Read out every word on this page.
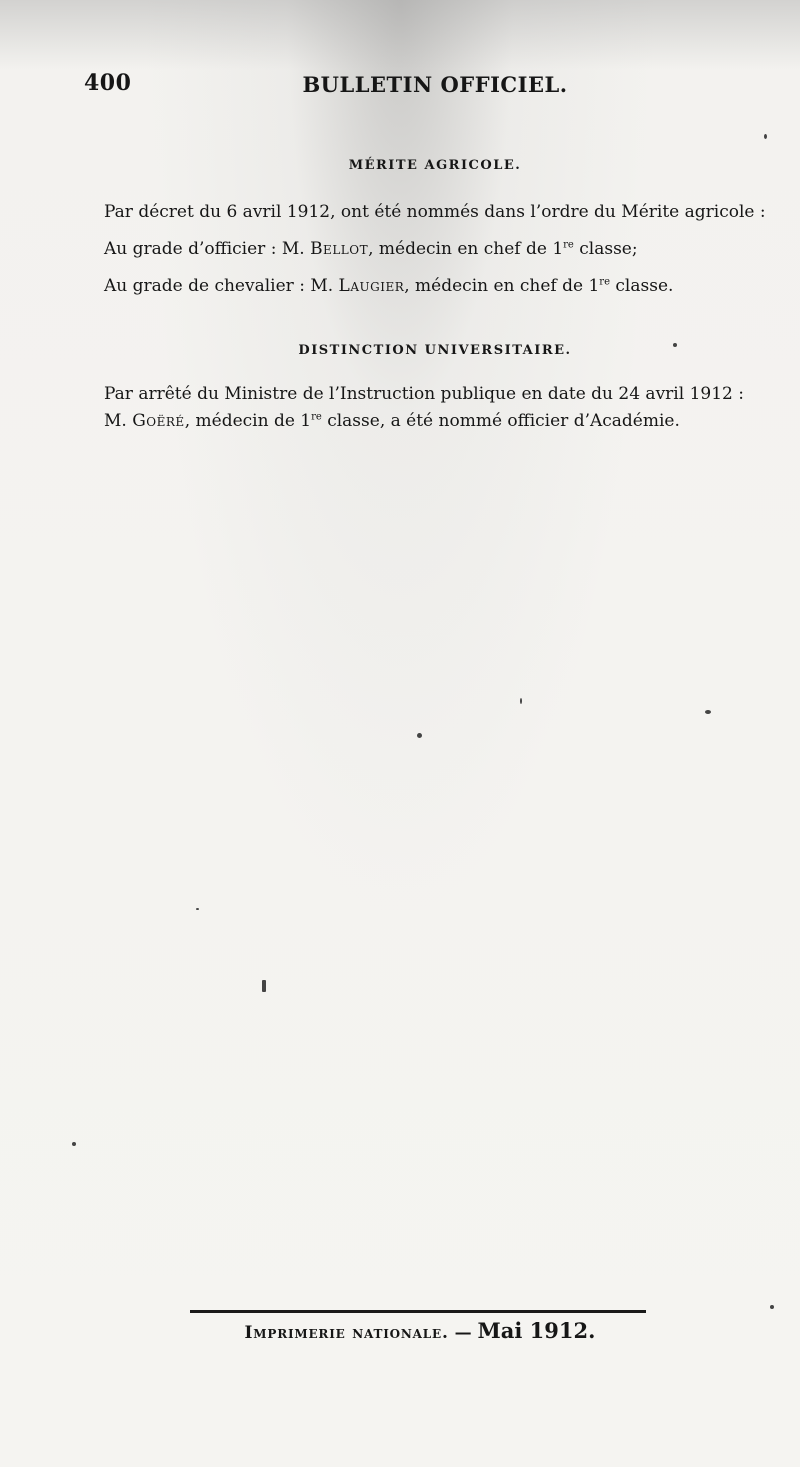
400	BULLETIN OFFICIEL.
MÉRITE AGRICOLE.
Par décret du 6 avril 1912, ont été nommés dans l’ordre du Mérite agricole :
Au grade d’officier : M. Bellot, médecin en chef de 1re classe;
Au grade de chevalier : M. Laugier, médecin en chef de 1re classe.
DISTINCTION UNIVERSITAIRE.
Par arrêté du Ministre de l’Instruction publique en date du 24 avril 1912 :
M. Goëré, médecin de 1re classe, a été nommé officier d’Académie.
Imprimerie nationale. — Mai 1912.
